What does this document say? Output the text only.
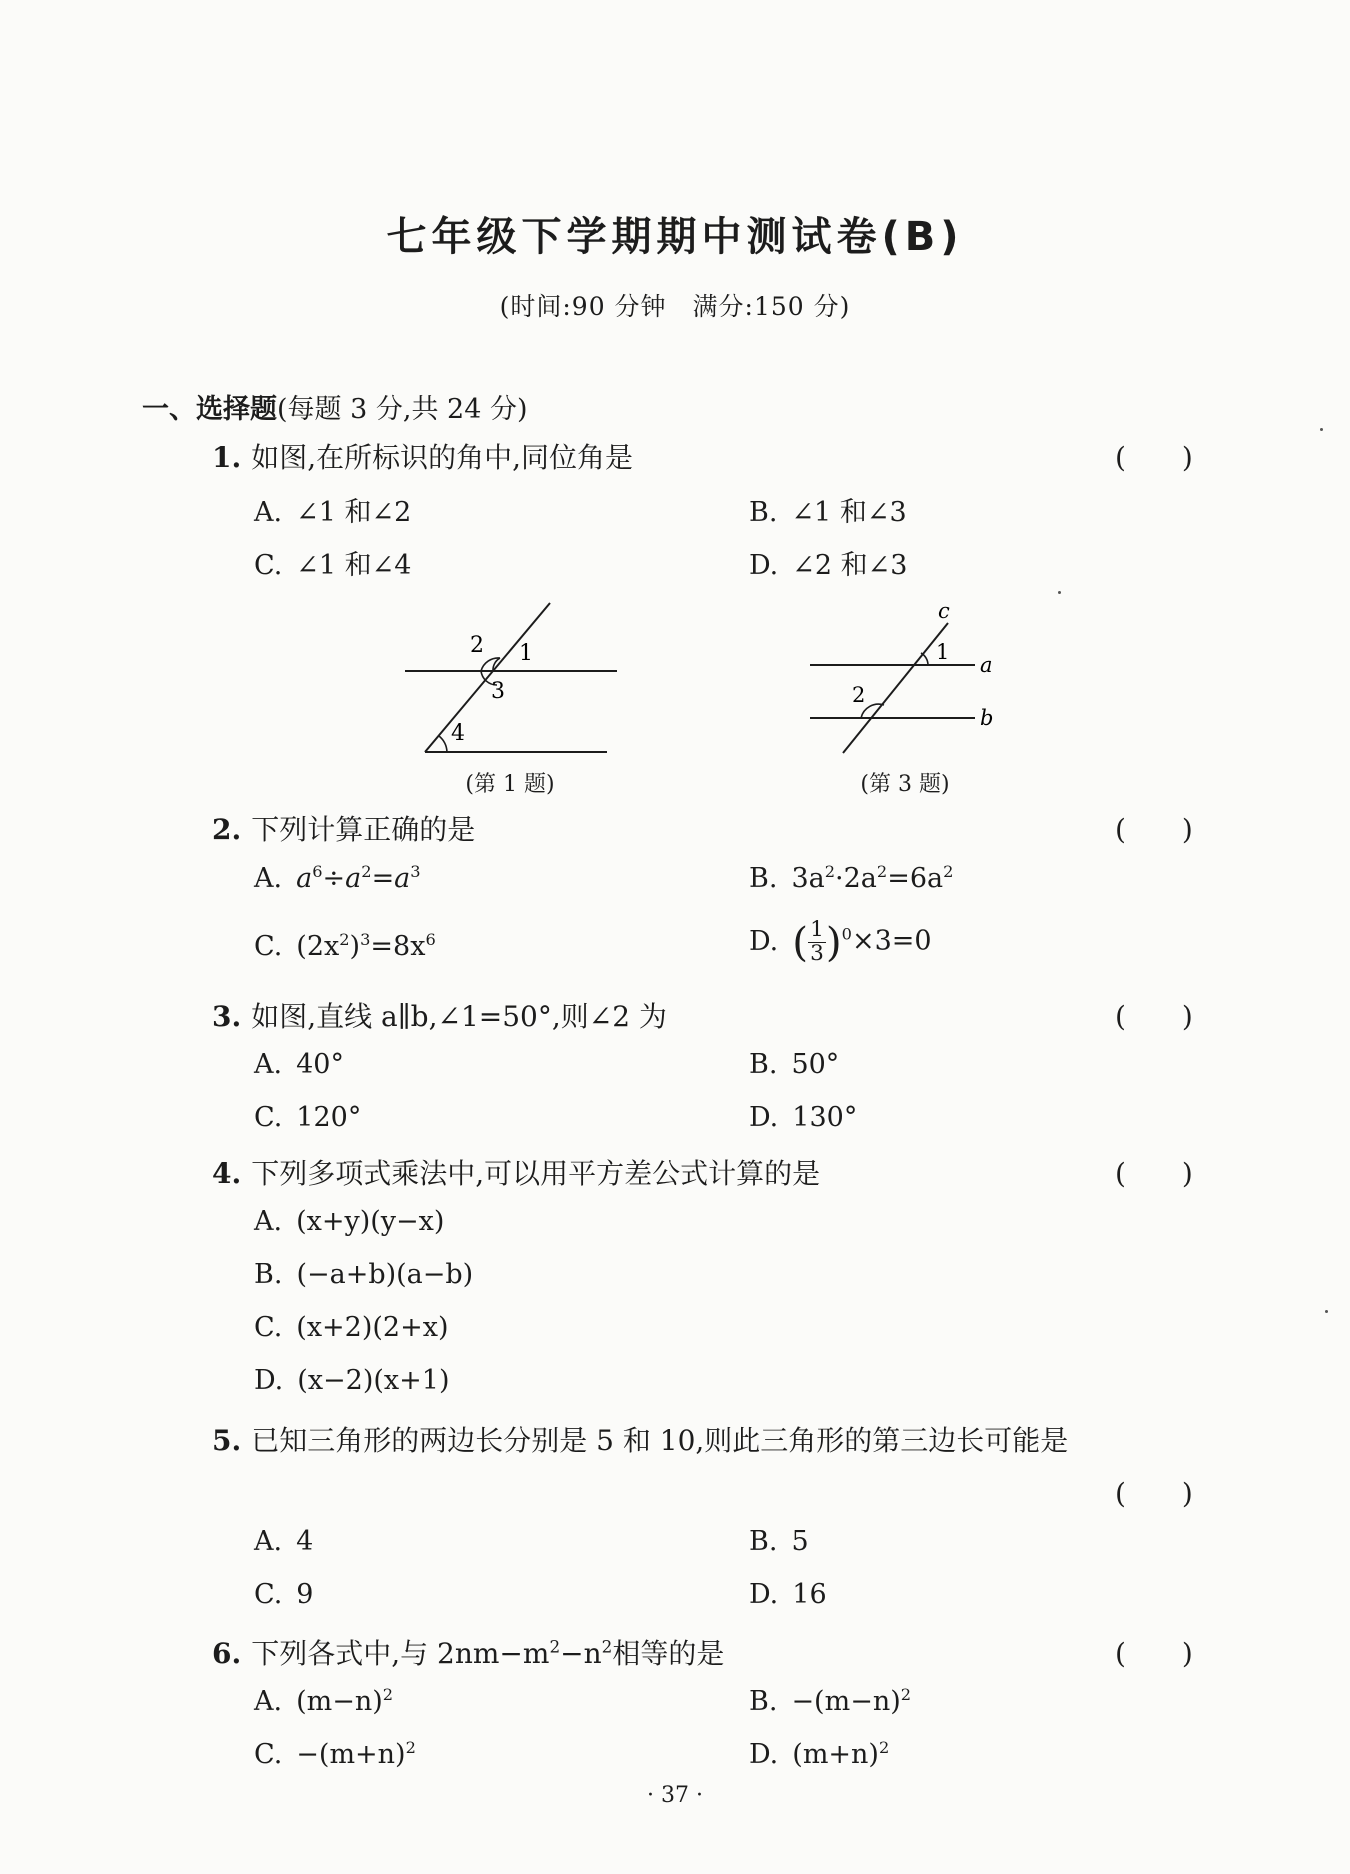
七年级下学期期中测试卷(B)
(时间:90 分钟　满分:150 分)
一、选择题(每题 3 分,共 24 分)
1. 如图,在所标识的角中,同位角是	(　　)
A. ∠1 和∠2	B. ∠1 和∠3
C. ∠1 和∠4	D. ∠2 和∠3
2 1
3
4
(第 1 题)
c
1
a
2
b
(第 3 题)
2. 下列计算正确的是	(　　)
A. $a^6\div a^2=a^3$	B. $3a^2\cdot 2a^2=6a^2$
C. $(2x^2)^3=8x^6$	D. ( $\frac{1}{3} )^0\times 3=0$
3. 如图,直线 a∥b,∠1=50°,则∠2 为	(　　)
A. 40°	B. 50°
C. 120°	D. 130°
4. 下列多项式乘法中,可以用平方差公式计算的是	(　　)
A. (x+y)(y−x)
B. (−a+b)(a−b)
C. (x+2)(2+x)
D. (x−2)(x+1)
5. 已知三角形的两边长分别是 5 和 10,则此三角形的第三边长可能是
(　　)
A. 4	B. 5
C. 9	D. 16
6. 下列各式中,与 $2nm-m^2-n^2$相等的是	(　　)
A. $(m-n)^2$	B. $-(m-n)^2$
C. $-(m+n)^2$	D. $(m+n)^2$
· 37 ·
